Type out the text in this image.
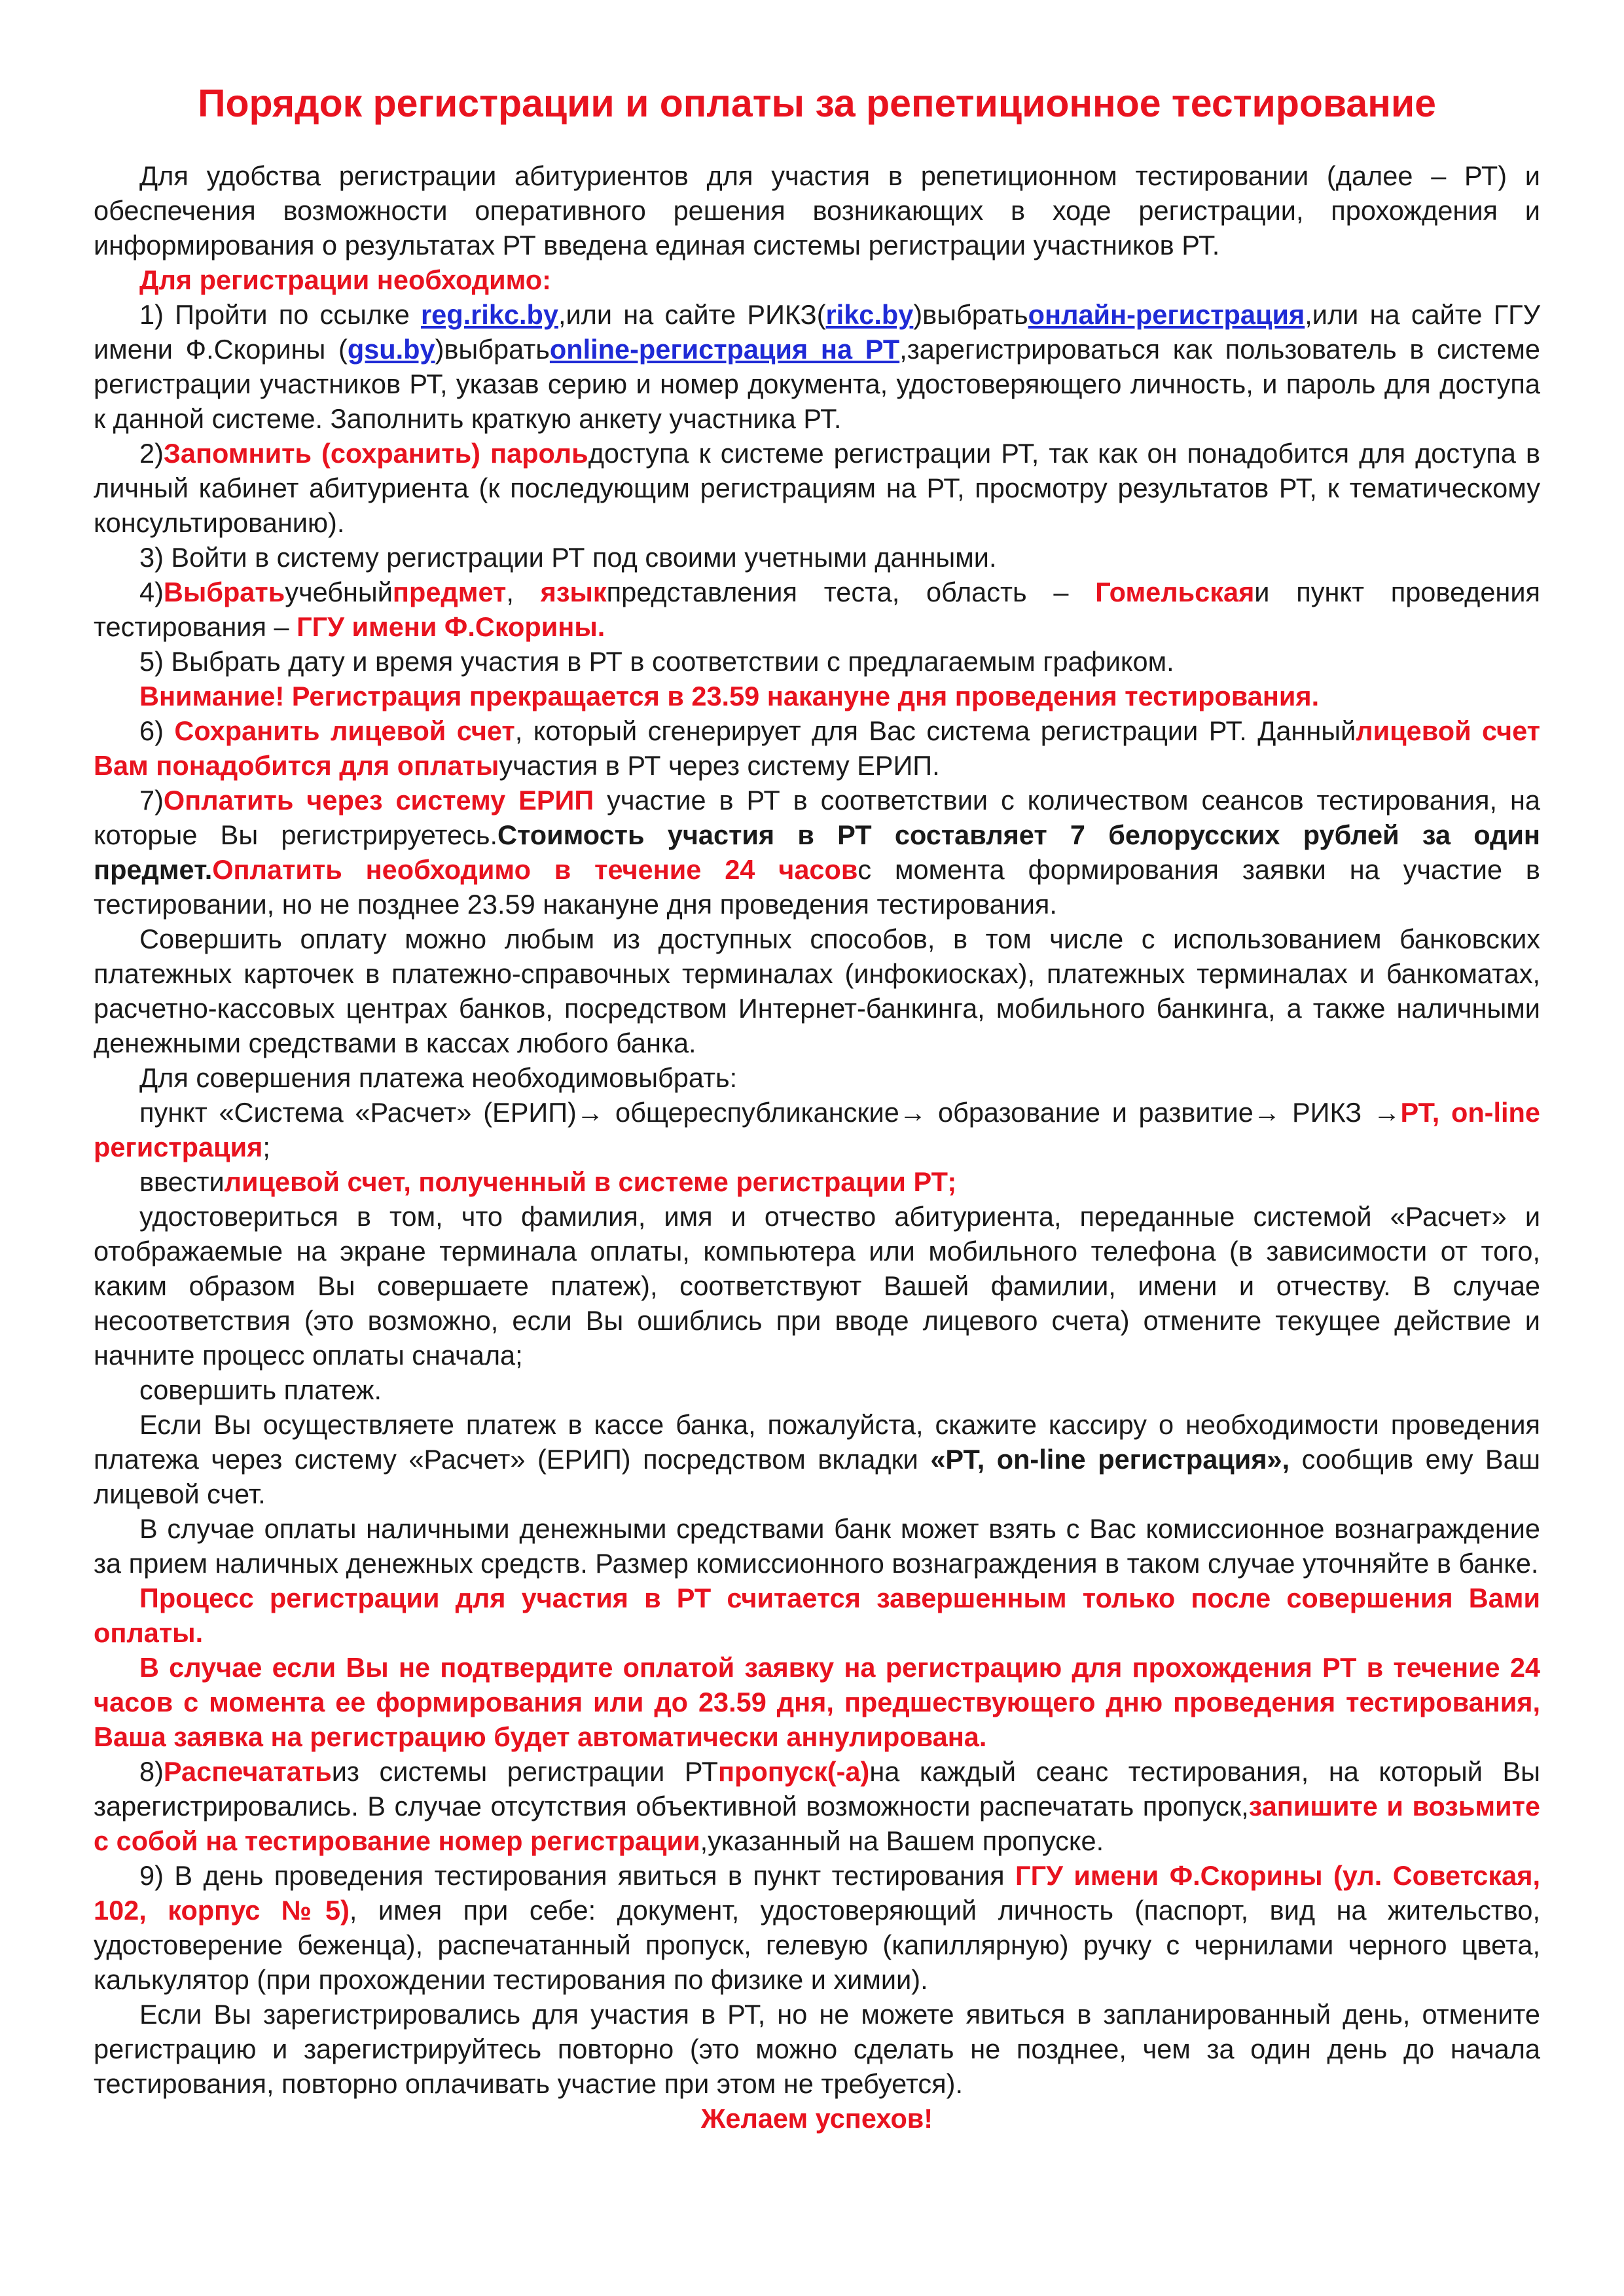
Порядок регистрации и оплаты за репетиционное тестирование

Для удобства регистрации абитуриентов для участия в репетиционном тестировании (далее – РТ) и обеспечения возможности оперативного решения возникающих в ходе регистрации, прохождения и информирования о результатах РТ введена единая системы регистрации участников РТ.

Для регистрации необходимо:

1) Пройти по ссылке reg.rikc.by,или на сайте РИКЗ(rikc.by)выбратьонлайн-регистрация,или на сайте ГГУ имени Ф.Скорины (gsu.by)выбратьonline-регистрация на РТ,зарегистрироваться как пользователь в системе регистрации участников РТ, указав серию и номер документа, удостоверяющего личность, и пароль для доступа к данной системе. Заполнить краткую анкету участника РТ.

2)Запомнить (сохранить) парольдоступа к системе регистрации РТ, так как он понадобится для доступа в личный кабинет абитуриента (к последующим регистрациям на РТ, просмотру результатов РТ, к тематическому консультированию).

3) Войти в систему регистрации РТ под своими учетными данными.

4)Выбратьучебныйпредмет, языкпредставления теста, область – Гомельскаяи пункт проведения тестирования – ГГУ имени Ф.Скорины.

5) Выбрать дату и время участия в РТ в соответствии с предлагаемым графиком.

Внимание! Регистрация прекращается в 23.59 накануне дня проведения тестирования.

6) Сохранить лицевой счет, который сгенерирует для Вас система регистрации РТ. Данныйлицевой счет Вам понадобится для оплатыучастия в РТ через систему ЕРИП.

7)Оплатить через систему ЕРИП участие в РТ в соответствии с количеством сеансов тестирования, на которые Вы регистрируетесь.Стоимость участия в РТ составляет 7 белорусских рублей за один предмет.Оплатить необходимо в течение 24 часовс момента формирования заявки на участие в тестировании, но не позднее 23.59 накануне дня проведения тестирования.

Совершить оплату можно любым из доступных способов, в том числе с использованием банковских платежных карточек в платежно-справочных терминалах (инфокиосках), платежных терминалах и банкоматах, расчетно-кассовых центрах банков, посредством Интернет-банкинга, мобильного банкинга, а также наличными денежными средствами в кассах любого банка.

Для совершения платежа необходимовыбрать:

пункт «Система «Расчет» (ЕРИП)→ общереспубликанские→ образование и развитие→ РИКЗ →РТ, on-line регистрация;

ввестилицевой счет, полученный в системе регистрации РТ;

удостовериться в том, что фамилия, имя и отчество абитуриента, переданные системой «Расчет» и отображаемые на экране терминала оплаты, компьютера или мобильного телефона (в зависимости от того, каким образом Вы совершаете платеж), соответствуют Вашей фамилии, имени и отчеству. В случае несоответствия (это возможно, если Вы ошиблись при вводе лицевого счета) отмените текущее действие и начните процесс оплаты сначала;

совершить платеж.

Если Вы осуществляете платеж в кассе банка, пожалуйста, скажите кассиру о необходимости проведения платежа через систему «Расчет» (ЕРИП) посредством вкладки «РТ, on-line регистрация», сообщив ему Ваш лицевой счет.

В случае оплаты наличными денежными средствами банк может взять с Вас комиссионное вознаграждение за прием наличных денежных средств. Размер комиссионного вознаграждения в таком случае уточняйте в банке.

Процесс регистрации для участия в РТ считается завершенным только после совершения Вами оплаты.

В случае если Вы не подтвердите оплатой заявку на регистрацию для прохождения РТ в течение 24 часов с момента ее формирования или до 23.59 дня, предшествующего дню проведения тестирования, Ваша заявка на регистрацию будет автоматически аннулирована.

8)Распечататьиз системы регистрации РТпропуск(-а)на каждый сеанс тестирования, на который Вы зарегистрировались. В случае отсутствия объективной возможности распечатать пропуск,запишите и возьмите с собой на тестирование номер регистрации,указанный на Вашем пропуске.

9) В день проведения тестирования явиться в пункт тестирования ГГУ имени Ф.Скорины (ул. Советская, 102, корпус №5), имея при себе: документ, удостоверяющий личность (паспорт, вид на жительство, удостоверение беженца), распечатанный пропуск, гелевую (капиллярную) ручку с чернилами черного цвета, калькулятор (при прохождении тестирования по физике и химии).

Если Вы зарегистрировались для участия в РТ, но не можете явиться в запланированный день, отмените регистрацию и зарегистрируйтесь повторно (это можно сделать не позднее, чем за один день до начала тестирования, повторно оплачивать участие при этом не требуется).

Желаем успехов!
